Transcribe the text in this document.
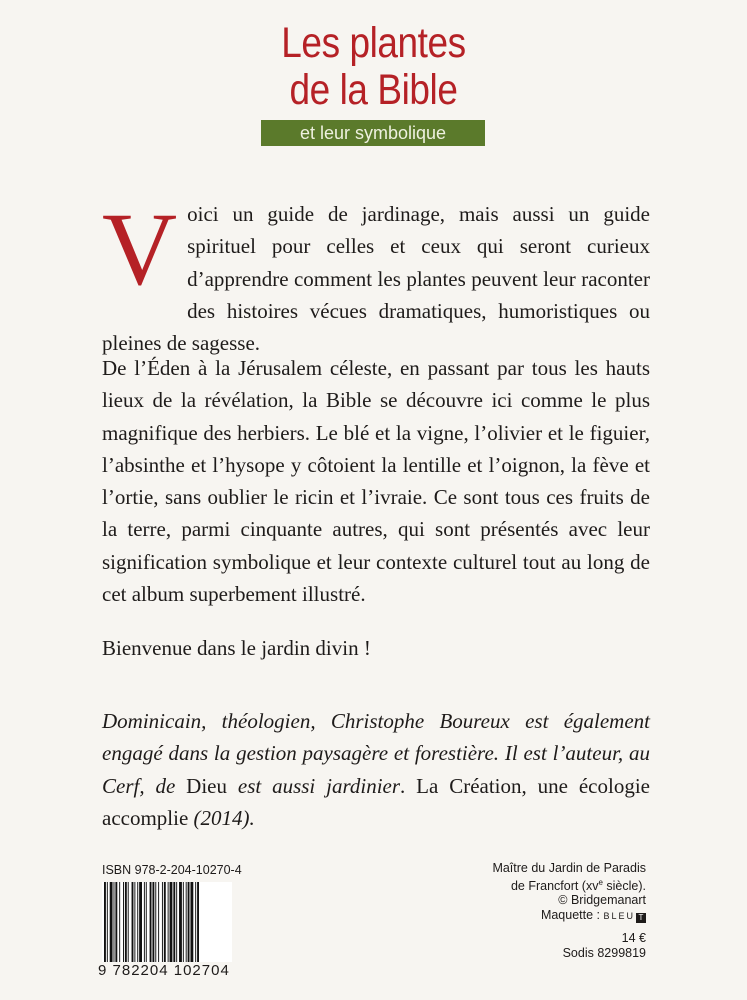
Les plantes
de la Bible
et leur symbolique
Voici un guide de jardinage, mais aussi un guide spirituel pour celles et ceux qui seront curieux d’apprendre comment les plantes peuvent leur raconter des histoires vécues dramatiques, humoristiques ou pleines de sagesse.
De l’Éden à la Jérusalem céleste, en passant par tous les hauts lieux de la révélation, la Bible se découvre ici comme le plus magnifique des herbiers. Le blé et la vigne, l’olivier et le figuier, l’absinthe et l’hysope y côtoient la lentille et l’oignon, la fève et l’ortie, sans oublier le ricin et l’ivraie. Ce sont tous ces fruits de la terre, parmi cinquante autres, qui sont présentés avec leur signification symbolique et leur contexte culturel tout au long de cet album superbement illustré.
Bienvenue dans le jardin divin !
Dominicain, théologien, Christophe Boureux est également engagé dans la gestion paysagère et forestière. Il est l’auteur, au Cerf, de Dieu est aussi jardinier. La Création, une écologie accomplie (2014).
ISBN 978-2-204-10270-4
9 782204 102704
Maître du Jardin de Paradis
de Francfort ($xv^e$ siècle).
© Bridgemanart
Maquette : BLEU T
14 €
Sodis 8299819
